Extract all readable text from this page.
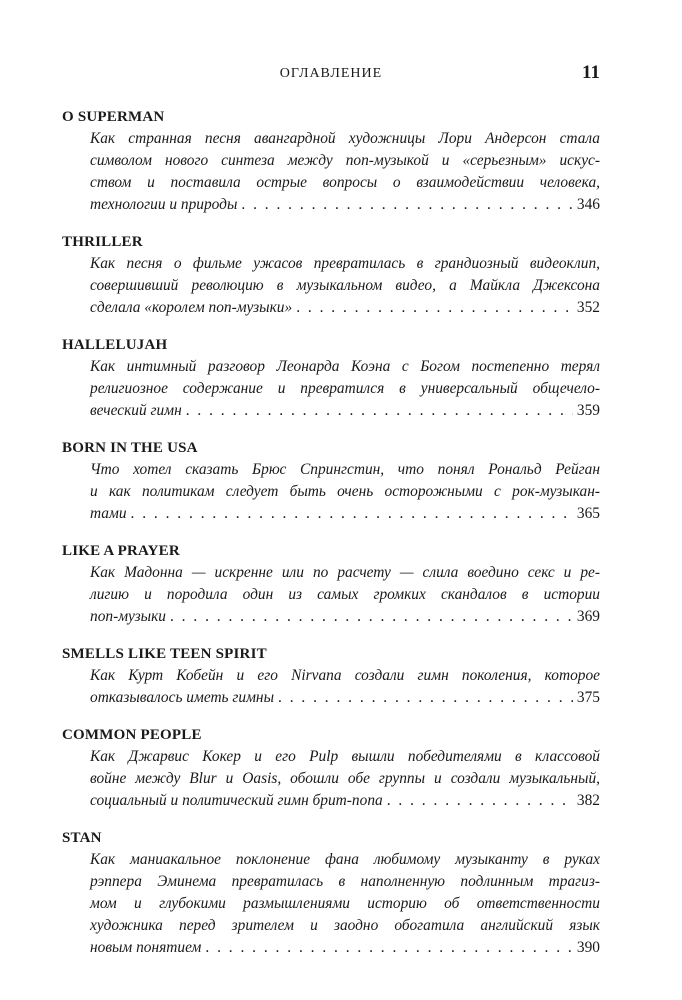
ОГЛАВЛЕНИЕ	11
O SUPERMAN
Как странная песня авангардной художницы Лори Андерсон стала
символом нового синтеза между поп-музыкой и «серьезным» искус-
ством и поставила острые вопросы о взаимодействии человека,
технологии и природы . . .	346
THRILLER
Как песня о фильме ужасов превратилась в грандиозный видеоклип,
совершивший революцию в музыкальном видео, а Майкла Джексона
сделала «королем поп-музыки» . . .	352
HALLELUJAH
Как интимный разговор Леонарда Коэна с Богом постепенно терял
религиозное содержание и превратился в универсальный общечело-
веческий гимн . . .	359
BORN IN THE USA
Что хотел сказать Брюс Спрингстин, что понял Рональд Рейган
и как политикам следует быть очень осторожными с рок-музыкан-
тами . . .	365
LIKE A PRAYER
Как Мадонна — искренне или по расчету — слила воедино секс и ре-
лигию и породила один из самых громких скандалов в истории
поп-музыки . . .	369
SMELLS LIKE TEEN SPIRIT
Как Курт Кобейн и его Nirvana создали гимн поколения, которое
отказывалось иметь гимны . . .	375
COMMON PEOPLE
Как Джарвис Кокер и его Pulp вышли победителями в классовой
войне между Blur и Oasis, обошли обе группы и создали музыкальный,
социальный и политический гимн брит-попа . . .	382
STAN
Как маниакальное поклонение фана любимому музыканту в руках
рэппера Эминема превратилась в наполненную подлинным трагиз-
мом и глубокими размышлениями историю об ответственности
художника перед зрителем и заодно обогатила английский язык
новым понятием . . .	390
